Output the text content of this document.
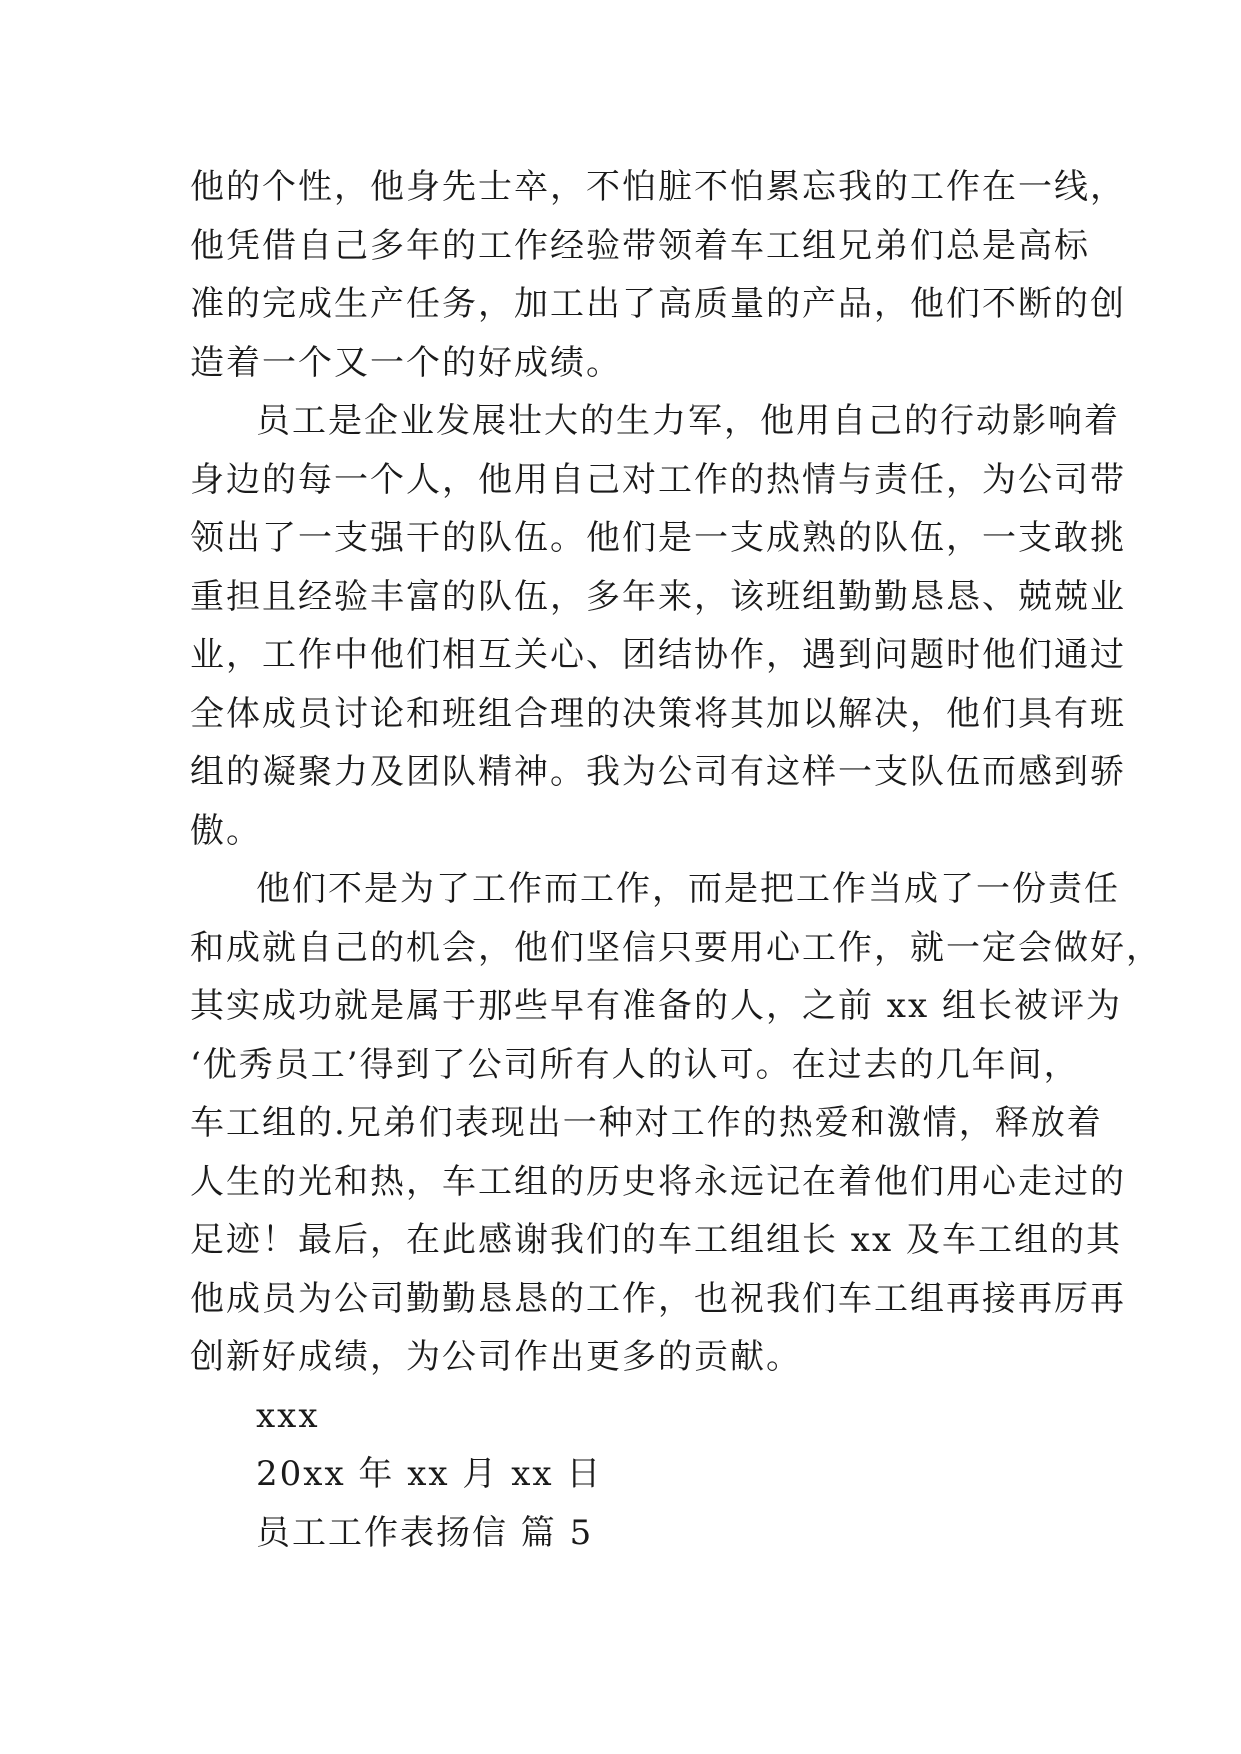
他的个性，他身先士卒，不怕脏不怕累忘我的工作在一线，
他凭借自己多年的工作经验带领着车工组兄弟们总是高标
准的完成生产任务，加工出了高质量的产品，他们不断的创
造着一个又一个的好成绩。
员工是企业发展壮大的生力军，他用自己的行动影响着
身边的每一个人，他用自己对工作的热情与责任，为公司带
领出了一支强干的队伍。他们是一支成熟的队伍，一支敢挑
重担且经验丰富的队伍，多年来，该班组勤勤恳恳、兢兢业
业，工作中他们相互关心、团结协作，遇到问题时他们通过
全体成员讨论和班组合理的决策将其加以解决，他们具有班
组的凝聚力及团队精神。我为公司有这样一支队伍而感到骄
傲。
他们不是为了工作而工作，而是把工作当成了一份责任
和成就自己的机会，他们坚信只要用心工作，就一定会做好，
其实成功就是属于那些早有准备的人，之前 xx 组长被评为
‘优秀员工’得到了公司所有人的认可。在过去的几年间，
车工组的.兄弟们表现出一种对工作的热爱和激情，释放着
人生的光和热，车工组的历史将永远记在着他们用心走过的
足迹！最后，在此感谢我们的车工组组长 xx 及车工组的其
他成员为公司勤勤恳恳的工作，也祝我们车工组再接再厉再
创新好成绩，为公司作出更多的贡献。
xxx
20xx 年 xx 月 xx 日
员工工作表扬信 篇 5
